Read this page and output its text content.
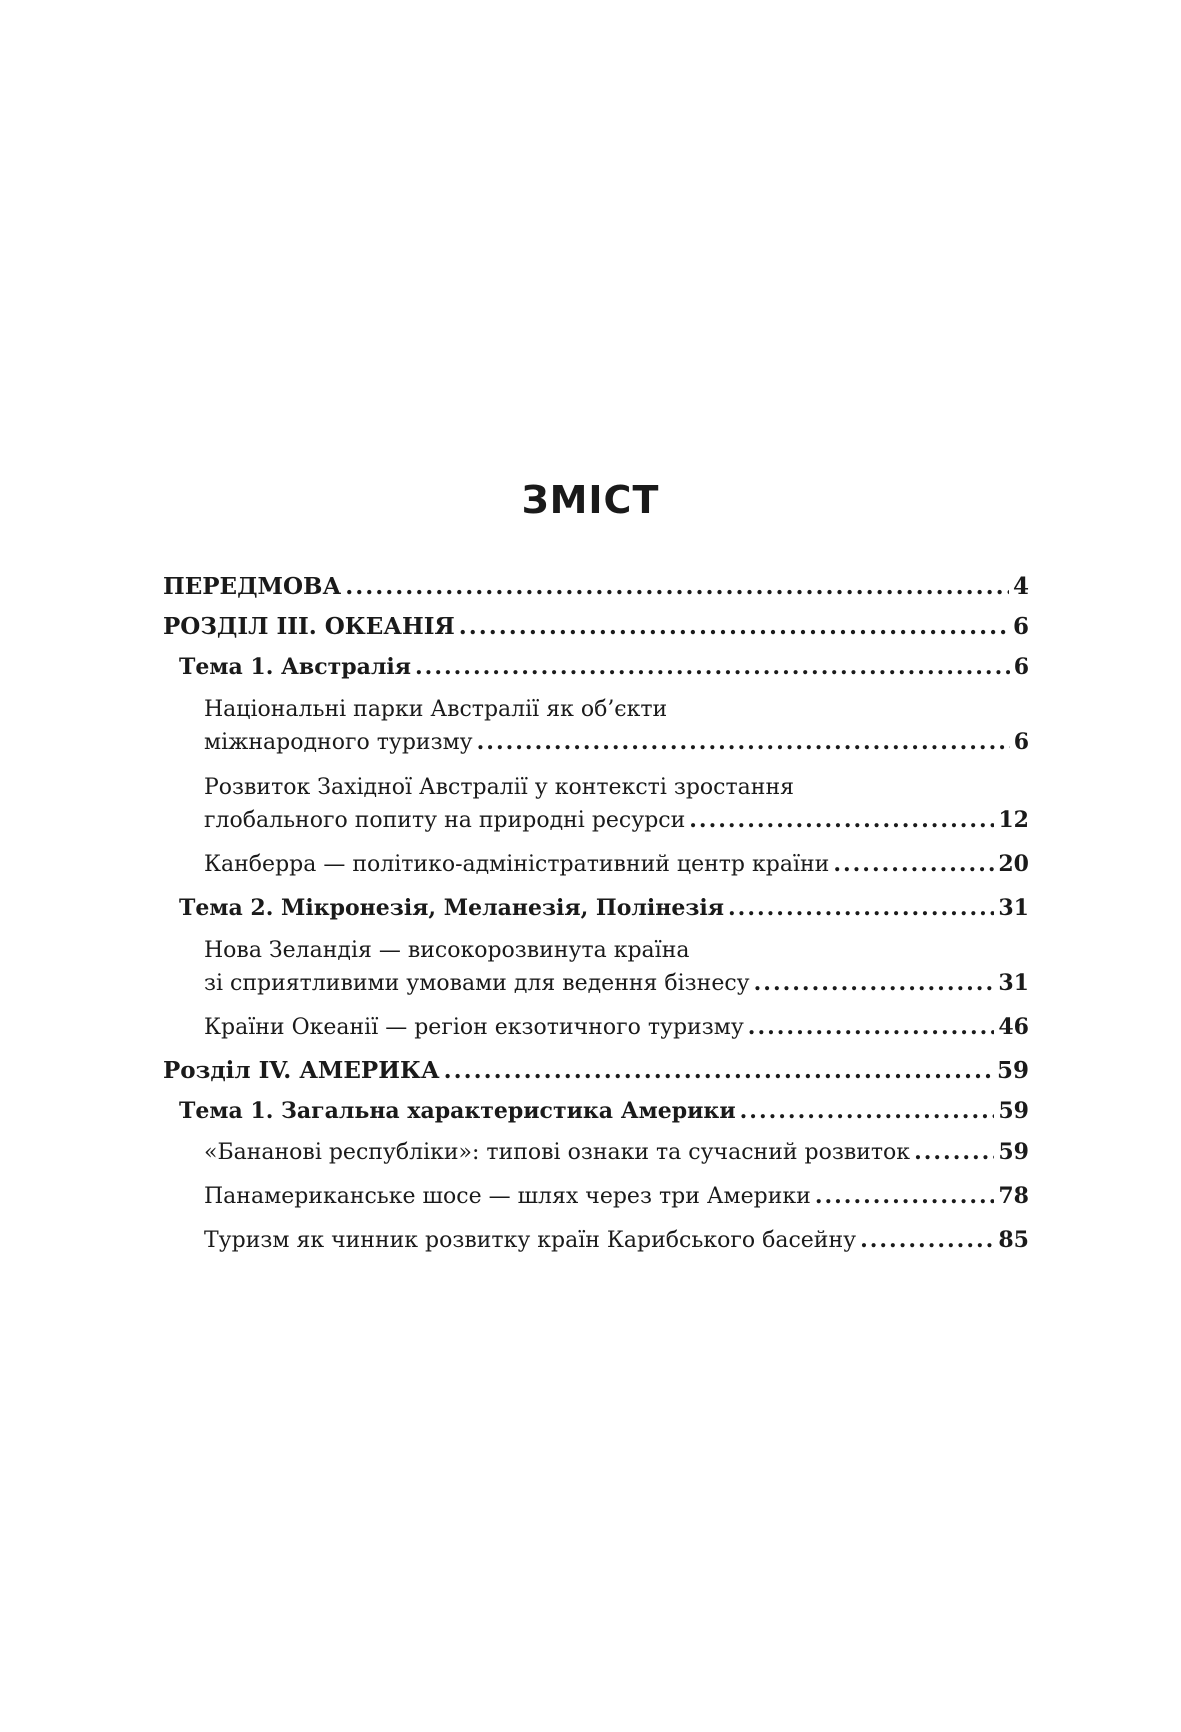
ЗМІСТ
ПЕРЕДМОВА .....	4
РОЗДІЛ ІІІ. ОКЕАНІЯ .....	6
Тема 1. Австралія .....	6
Національні парки Австралії як об’єкти
міжнародного туризму .....	6
Розвиток Західної Австралії у контексті зростання
глобального попиту на природні ресурси .....	12
Канберра — політико-адміністративний центр країни .....	20
Тема 2. Мікронезія, Меланезія, Полінезія .....	31
Нова Зеландія — високорозвинута країна
зі сприятливими умовами для ведення бізнесу .....	31
Країни Океанії — регіон екзотичного туризму .....	46
Розділ IV. АМЕРИКА .....	59
Тема 1. Загальна характеристика Америки .....	59
«Бананові республіки»: типові ознаки та сучасний розвиток .....	59
Панамериканське шосе — шлях через три Америки .....	78
Туризм як чинник розвитку країн Карибського басейну .....	85
